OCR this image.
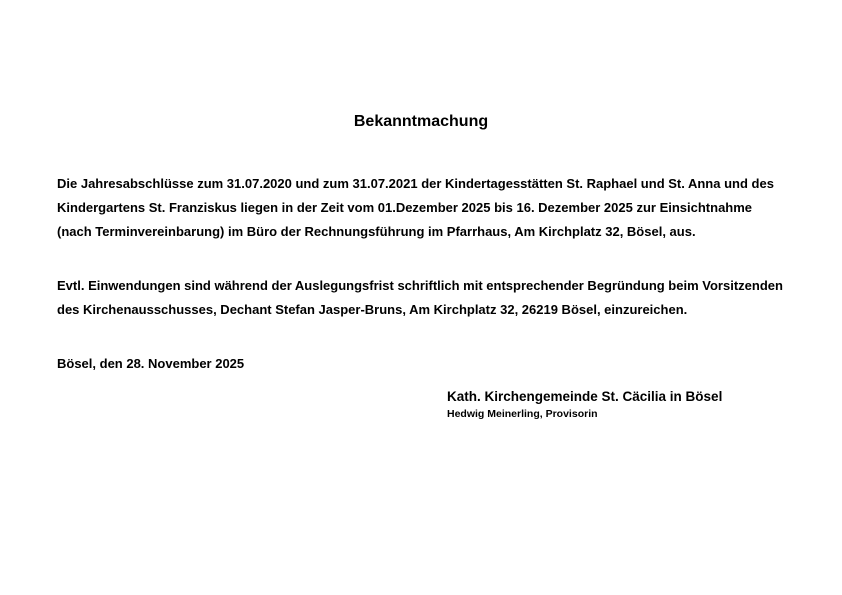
Bekanntmachung

Die Jahresabschlüsse zum 31.07.2020 und zum 31.07.2021 der Kindertagesstätten St. Raphael und St. Anna und des Kindergartens St. Franziskus liegen in der Zeit vom 01.Dezember 2025 bis 16. Dezember 2025 zur Einsichtnahme (nach Terminvereinbarung) im Büro der Rechnungsführung im Pfarrhaus, Am Kirchplatz 32, Bösel, aus.

Evtl. Einwendungen sind während der Auslegungsfrist schriftlich mit entsprechender Begründung beim Vorsitzenden des Kirchenausschusses, Dechant Stefan Jasper-Bruns, Am Kirchplatz 32, 26219 Bösel, einzureichen.

Bösel, den 28. November 2025

Kath. Kirchengemeinde St. Cäcilia in Bösel
Hedwig Meinerling, Provisorin
